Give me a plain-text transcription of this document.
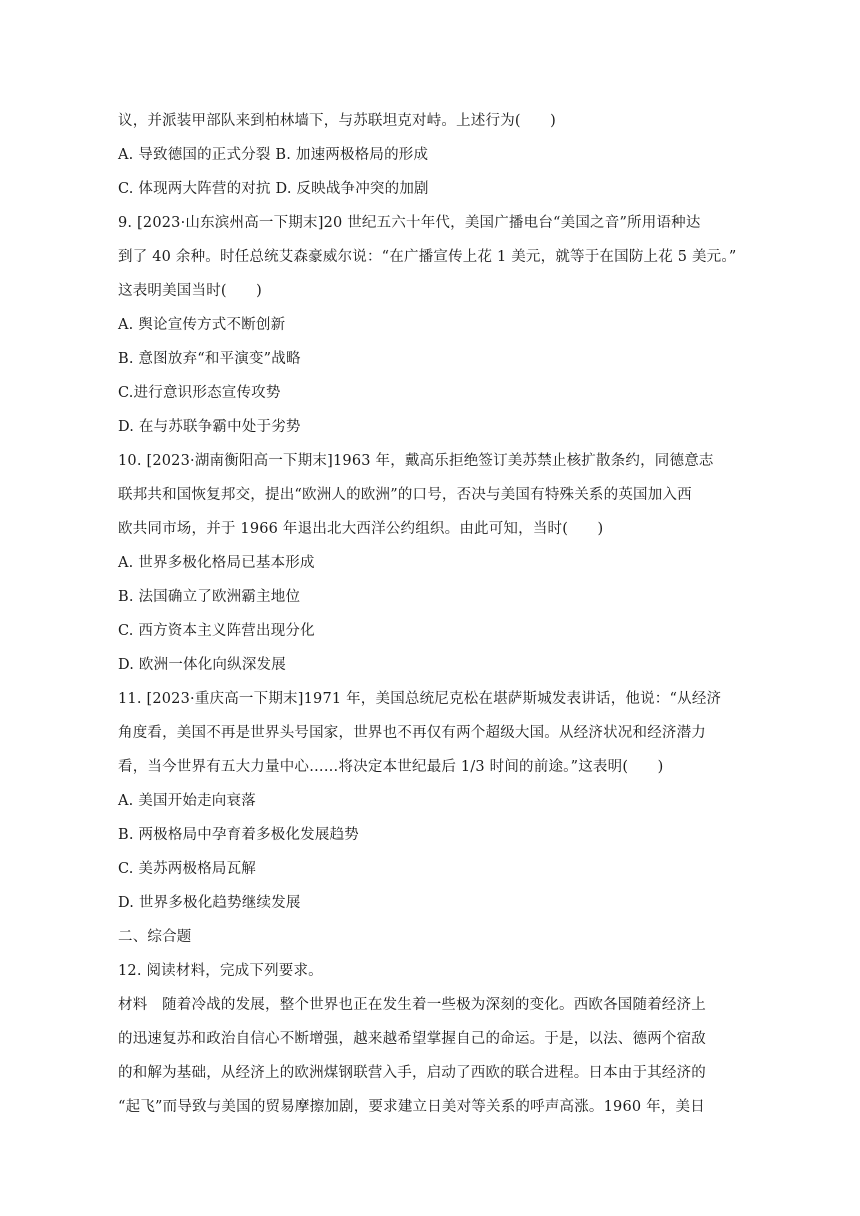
议，并派装甲部队来到柏林墙下，与苏联坦克对峙。上述行为(　　)
A. 导致德国的正式分裂 B. 加速两极格局的形成
C. 体现两大阵营的对抗 D. 反映战争冲突的加剧
9. [2023·山东滨州高一下期末]20 世纪五六十年代，美国广播电台“美国之音”所用语种达
到了 40 余种。时任总统艾森豪威尔说：“在广播宣传上花 1 美元，就等于在国防上花 5 美元。”
这表明美国当时(　　)
A. 舆论宣传方式不断创新
B. 意图放弃“和平演变”战略
C.进行意识形态宣传攻势
D. 在与苏联争霸中处于劣势
10. [2023·湖南衡阳高一下期末]1963 年，戴高乐拒绝签订美苏禁止核扩散条约，同德意志
联邦共和国恢复邦交，提出“欧洲人的欧洲”的口号，否决与美国有特殊关系的英国加入西
欧共同市场，并于 1966 年退出北大西洋公约组织。由此可知，当时(　　)
A. 世界多极化格局已基本形成
B. 法国确立了欧洲霸主地位
C. 西方资本主义阵营出现分化
D. 欧洲一体化向纵深发展
11. [2023·重庆高一下期末]1971 年，美国总统尼克松在堪萨斯城发表讲话，他说：“从经济
角度看，美国不再是世界头号国家，世界也不再仅有两个超级大国。从经济状况和经济潜力
看，当今世界有五大力量中心……将决定本世纪最后 1/3 时间的前途。”这表明(　　)
A. 美国开始走向衰落
B. 两极格局中孕育着多极化发展趋势
C. 美苏两极格局瓦解
D. 世界多极化趋势继续发展
二、综合题
12. 阅读材料，完成下列要求。
材料　随着冷战的发展，整个世界也正在发生着一些极为深刻的变化。西欧各国随着经济上
的迅速复苏和政治自信心不断增强，越来越希望掌握自己的命运。于是，以法、德两个宿敌
的和解为基础，从经济上的欧洲煤钢联营入手，启动了西欧的联合进程。日本由于其经济的
“起飞”而导致与美国的贸易摩擦加剧，要求建立日美对等关系的呼声高涨。1960 年，美日
